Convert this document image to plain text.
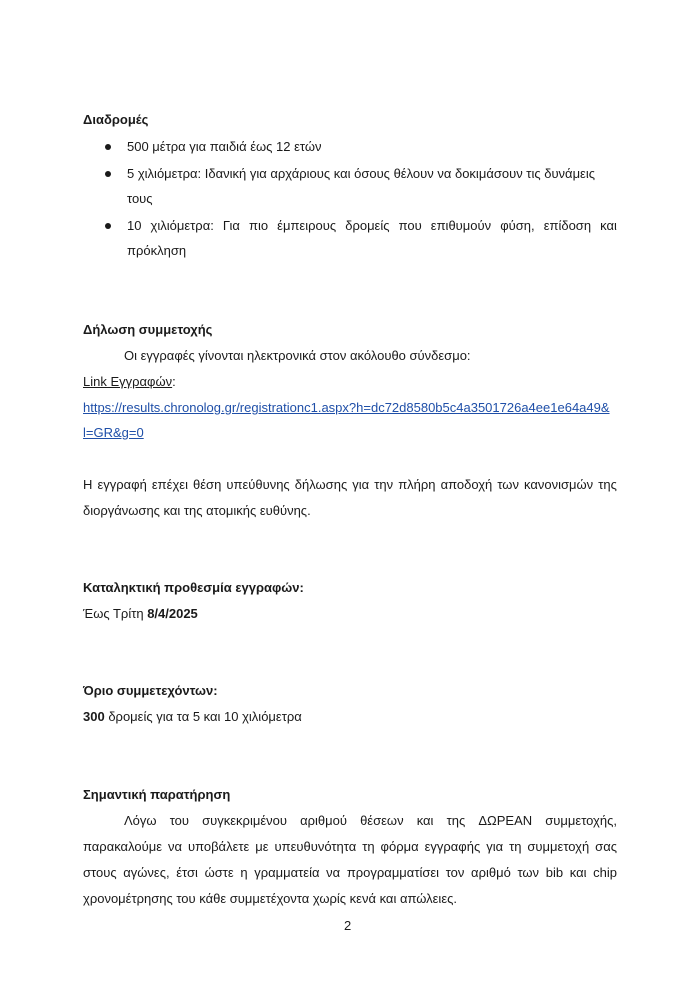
Διαδρομές
500 μέτρα για παιδιά έως 12 ετών
5 χιλιόμετρα: Ιδανική για αρχάριους και όσους θέλουν να δοκιμάσουν τις δυνάμεις
τους
10 χιλιόμετρα: Για πιο έμπειρους δρομείς που επιθυμούν φύση, επίδοση και
πρόκληση
Δήλωση συμμετοχής
Οι εγγραφές γίνονται ηλεκτρονικά στον ακόλουθο σύνδεσμο:
Link Εγγραφών:
https://results.chronolog.gr/registrationc1.aspx?h=dc72d8580b5c4a3501726a4ee1e64a49&
l=GR&g=0
Η εγγραφή επέχει θέση υπεύθυνης δήλωσης για την πλήρη αποδοχή των κανονισμών της
διοργάνωσης και της ατομικής ευθύνης.
Καταληκτική προθεσμία εγγραφών:
Έως Τρίτη 8/4/2025
Όριο συμμετεχόντων:
300 δρομείς για τα 5 και 10 χιλιόμετρα
Σημαντική παρατήρηση
Λόγω του συγκεκριμένου αριθμού θέσεων και της ΔΩΡΕΑΝ συμμετοχής,
παρακαλούμε να υποβάλετε με υπευθυνότητα τη φόρμα εγγραφής για τη συμμετοχή σας
στους αγώνες, έτσι ώστε η γραμματεία να προγραμματίσει τον αριθμό των bib και chip
χρονομέτρησης του κάθε συμμετέχοντα χωρίς κενά και απώλειες.
2
